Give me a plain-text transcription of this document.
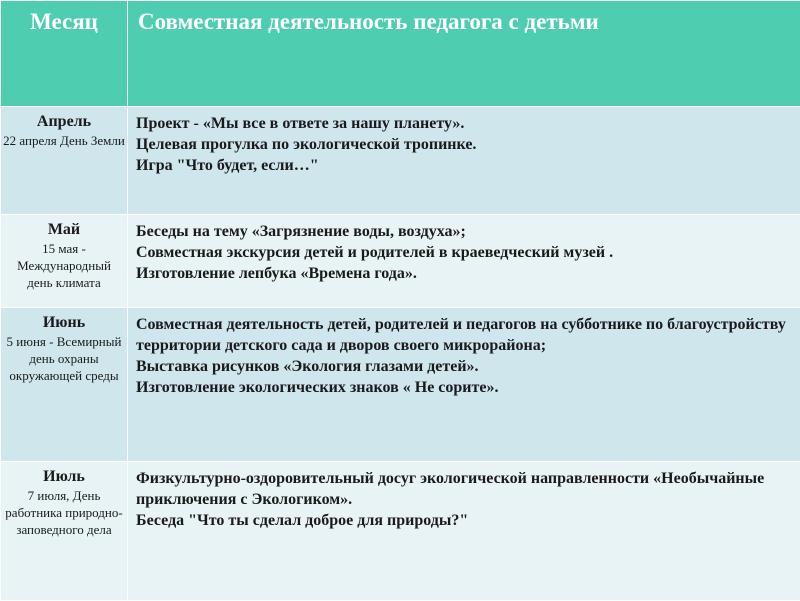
Месяц	Совместная деятельность педагога с детьми

Апрель
22 апреля День Земли	Проект - «Мы все в ответе за нашу планету».
Целевая прогулка по экологической тропинке.
Игра "Что будет, если…"

Май
15 мая - Международный день климата	Беседы на тему «Загрязнение воды, воздуха»;
Совместная экскурсия детей и родителей в краеведческий музей .
Изготовление лепбука «Времена года».

Июнь
5 июня - Всемирный день охраны окружающей среды	Совместная деятельность детей, родителей и педагогов на субботнике по благоустройству территории детского сада и дворов своего микрорайона;
Выставка рисунков «Экология глазами детей».
Изготовление экологических знаков « Не сорите».

Июль
7 июля, День работника природно-заповедного дела	Физкультурно-оздоровительный досуг экологической направленности «Необычайные приключения с Экологиком».
Беседа "Что ты сделал доброе для природы?"
